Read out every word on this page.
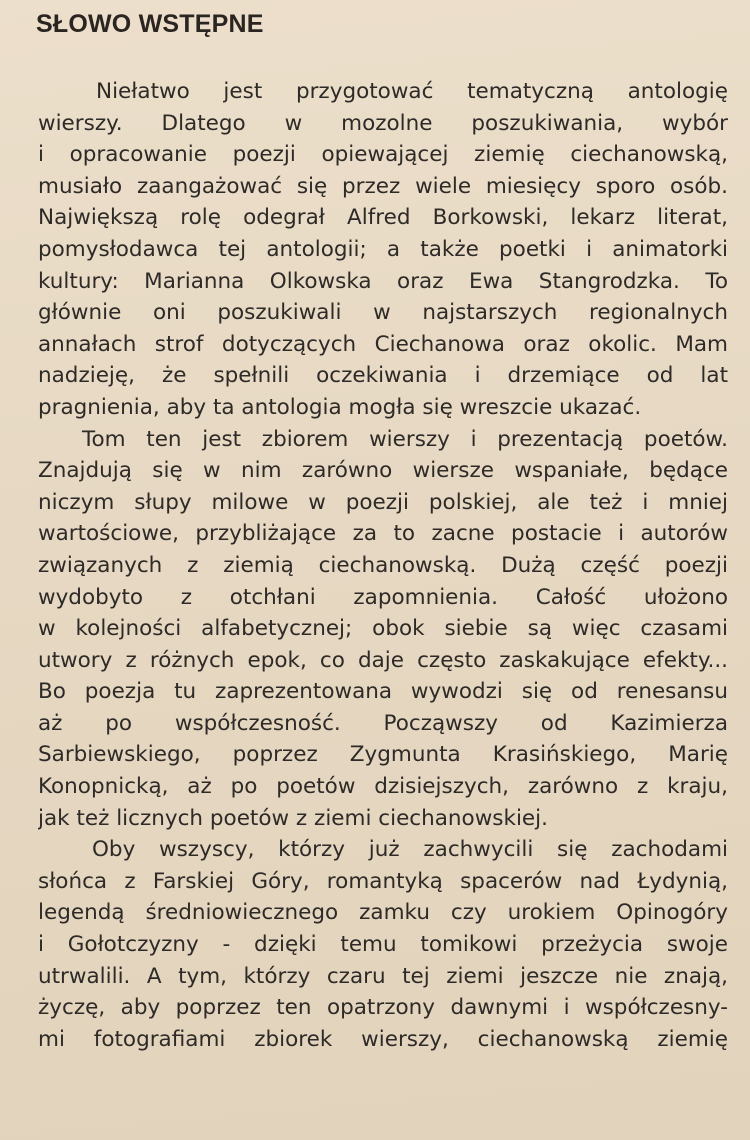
SŁOWO WSTĘPNE

Niełatwo jest przygotować tematyczną antologię
wierszy. Dlatego w mozolne poszukiwania, wybór
i opracowanie poezji opiewającej ziemię ciechanowską,
musiało zaangażować się przez wiele miesięcy sporo osób.
Największą rolę odegrał Alfred Borkowski, lekarz literat,
pomysłodawca tej antologii; a także poetki i animatorki
kultury: Marianna Olkowska oraz Ewa Stangrodzka. To
głównie oni poszukiwali w najstarszych regionalnych
annałach strof dotyczących Ciechanowa oraz okolic. Mam
nadzieję, że spełnili oczekiwania i drzemiące od lat
pragnienia, aby ta antologia mogła się wreszcie ukazać.

Tom ten jest zbiorem wierszy i prezentacją poetów.
Znajdują się w nim zarówno wiersze wspaniałe, będące
niczym słupy milowe w poezji polskiej, ale też i mniej
wartościowe, przybliżające za to zacne postacie i autorów
związanych z ziemią ciechanowską. Dużą część poezji
wydobyto z otchłani zapomnienia. Całość ułożono
w kolejności alfabetycznej; obok siebie są więc czasami
utwory z różnych epok, co daje często zaskakujące efekty...
Bo poezja tu zaprezentowana wywodzi się od renesansu
aż po współczesność. Począwszy od Kazimierza
Sarbiewskiego, poprzez Zygmunta Krasińskiego, Marię
Konopnicką, aż po poetów dzisiejszych, zarówno z kraju,
jak też licznych poetów z ziemi ciechanowskiej.

Oby wszyscy, którzy już zachwycili się zachodami
słońca z Farskiej Góry, romantyką spacerów nad Łydynią,
legendą średniowiecznego zamku czy urokiem Opinogóry
i Gołotczyzny - dzięki temu tomikowi przeżycia swoje
utrwalili. A tym, którzy czaru tej ziemi jeszcze nie znają,
życzę, aby poprzez ten opatrzony dawnymi i współczesny-
mi fotografiami zbiorek wierszy, ciechanowską ziemię
